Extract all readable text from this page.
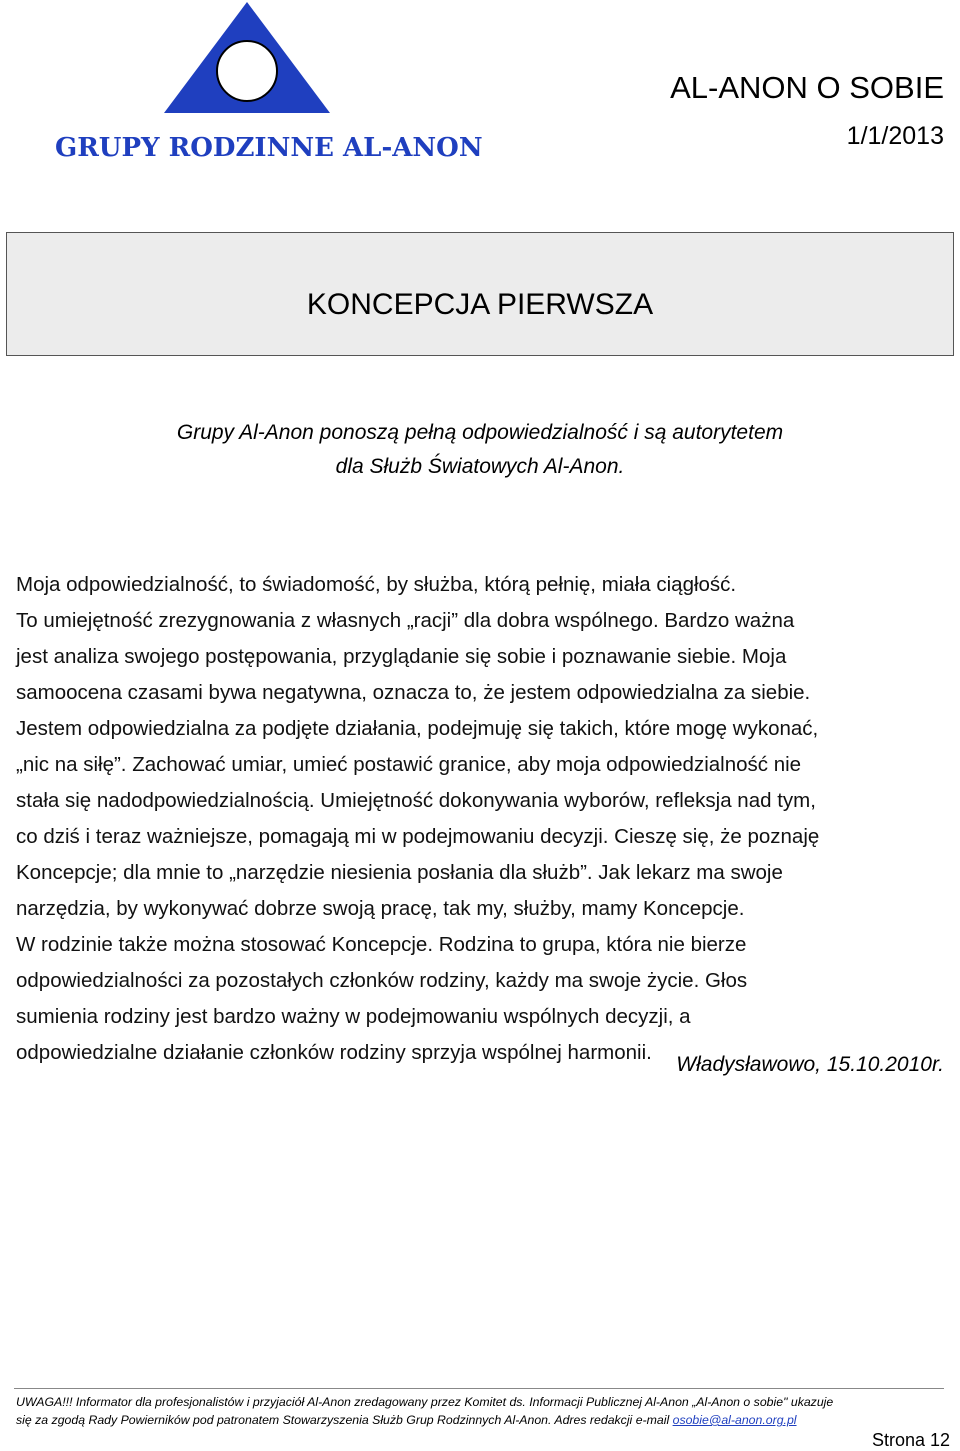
GRUPY RODZINNE AL-ANON
AL-ANON O SOBIE
1/1/2013
KONCEPCJA PIERWSZA
Grupy Al-Anon ponoszą pełną odpowiedzialność i są autorytetem
dla Służb Światowych Al-Anon.
Moja odpowiedzialność, to świadomość, by służba, którą pełnię, miała ciągłość.
To umiejętność zrezygnowania z własnych „racji” dla dobra wspólnego. Bardzo ważna
jest analiza swojego postępowania, przyglądanie się sobie i poznawanie siebie. Moja
samoocena czasami bywa negatywna, oznacza to, że jestem odpowiedzialna za siebie.
Jestem odpowiedzialna za podjęte działania, podejmuję się takich, które mogę wykonać,
„nic na siłę”. Zachować umiar, umieć postawić granice, aby moja odpowiedzialność nie
stała się nadodpowiedzialnością. Umiejętność dokonywania wyborów, refleksja nad tym,
co dziś i teraz ważniejsze, pomagają mi w podejmowaniu decyzji. Cieszę się, że poznaję
Koncepcje; dla mnie to „narzędzie niesienia posłania dla służb”. Jak lekarz ma swoje
narzędzia, by wykonywać dobrze swoją pracę, tak my, służby, mamy Koncepcje.
W rodzinie także można stosować Koncepcje. Rodzina to grupa, która nie bierze
odpowiedzialności za pozostałych członków rodziny, każdy ma swoje życie. Głos
sumienia rodziny jest bardzo ważny w podejmowaniu wspólnych decyzji, a
odpowiedzialne działanie członków rodziny sprzyja wspólnej harmonii.
Władysławowo, 15.10.2010r.
UWAGA!!! Informator dla profesjonalistów i przyjaciół Al-Anon zredagowany przez Komitet ds. Informacji Publicznej Al-Anon „Al-Anon o sobie" ukazuje
się za zgodą Rady Powierników pod patronatem Stowarzyszenia Służb Grup Rodzinnych Al-Anon. Adres redakcji e-mail osobie@al-anon.org.pl
Strona 12
